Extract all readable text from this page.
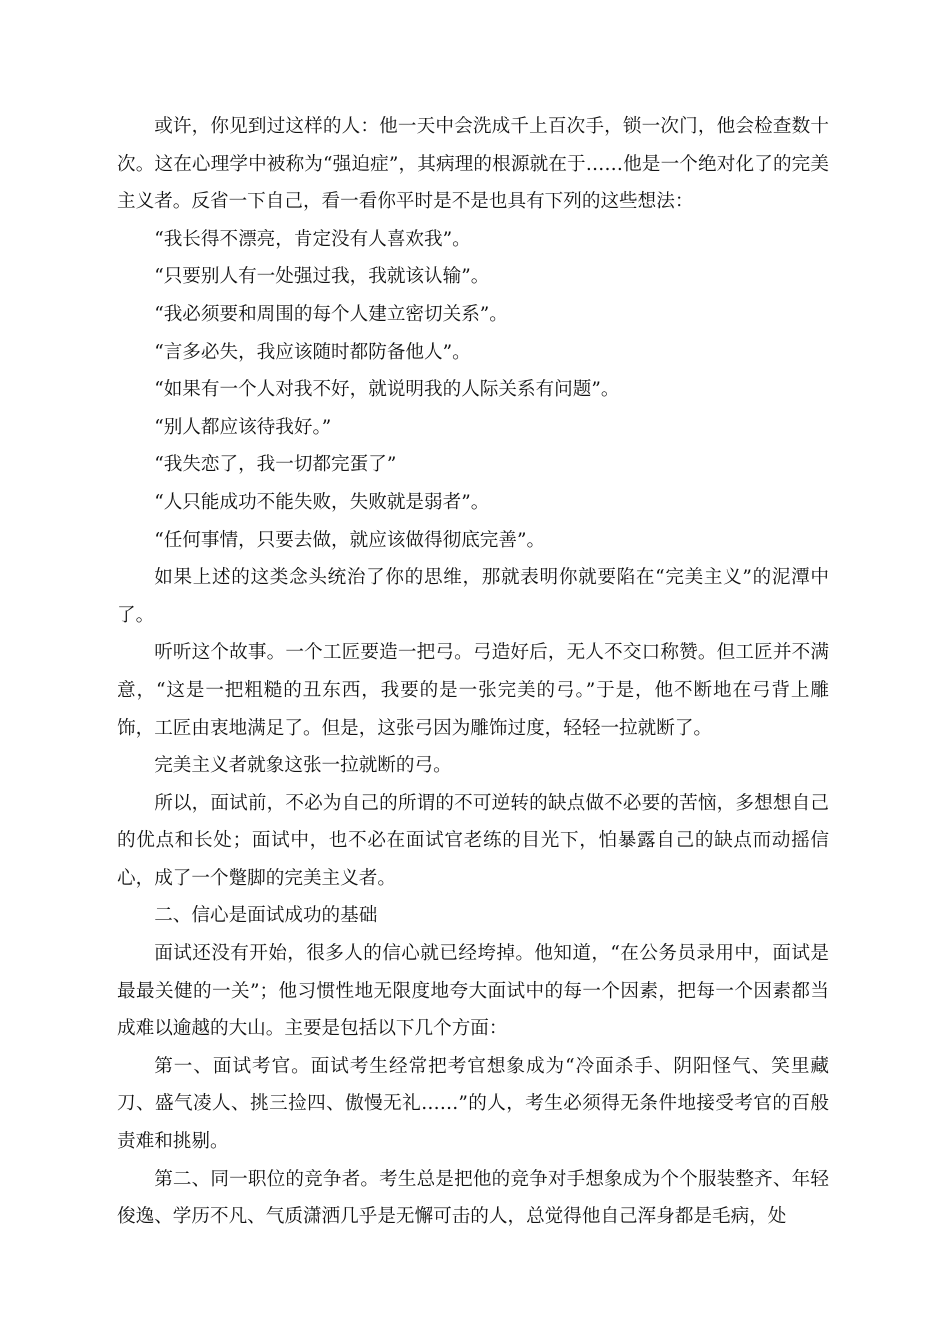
或许，你见到过这样的人：他一天中会洗成千上百次手，锁一次门，他会检查数十次。这在心理学中被称为“强迫症”，其病理的根源就在于……他是一个绝对化了的完美主义者。反省一下自己，看一看你平时是不是也具有下列的这些想法：

“我长得不漂亮，肯定没有人喜欢我”。

“只要别人有一处强过我，我就该认输”。

“我必须要和周围的每个人建立密切关系”。

“言多必失，我应该随时都防备他人”。

“如果有一个人对我不好，就说明我的人际关系有问题”。

“别人都应该待我好。”

“我失恋了，我一切都完蛋了”

“人只能成功不能失败，失败就是弱者”。

“任何事情，只要去做，就应该做得彻底完善”。

如果上述的这类念头统治了你的思维，那就表明你就要陷在“完美主义”的泥潭中了。

听听这个故事。一个工匠要造一把弓。弓造好后，无人不交口称赞。但工匠并不满意，“这是一把粗糙的丑东西，我要的是一张完美的弓。”于是，他不断地在弓背上雕饰，工匠由衷地满足了。但是，这张弓因为雕饰过度，轻轻一拉就断了。

完美主义者就象这张一拉就断的弓。

所以，面试前，不必为自己的所谓的不可逆转的缺点做不必要的苦恼，多想想自己的优点和长处；面试中，也不必在面试官老练的目光下，怕暴露自己的缺点而动摇信心，成了一个蹩脚的完美主义者。

二、信心是面试成功的基础

面试还没有开始，很多人的信心就已经垮掉。他知道，“在公务员录用中，面试是最最关健的一关”；他习惯性地无限度地夸大面试中的每一个因素，把每一个因素都当成难以逾越的大山。主要是包括以下几个方面：

第一、面试考官。面试考生经常把考官想象成为“冷面杀手、阴阳怪气、笑里藏刀、盛气凌人、挑三捡四、傲慢无礼……”的人，考生必须得无条件地接受考官的百般责难和挑剔。

第二、同一职位的竞争者。考生总是把他的竞争对手想象成为个个服装整齐、年轻俊逸、学历不凡、气质潇洒几乎是无懈可击的人，总觉得他自己浑身都是毛病，处
